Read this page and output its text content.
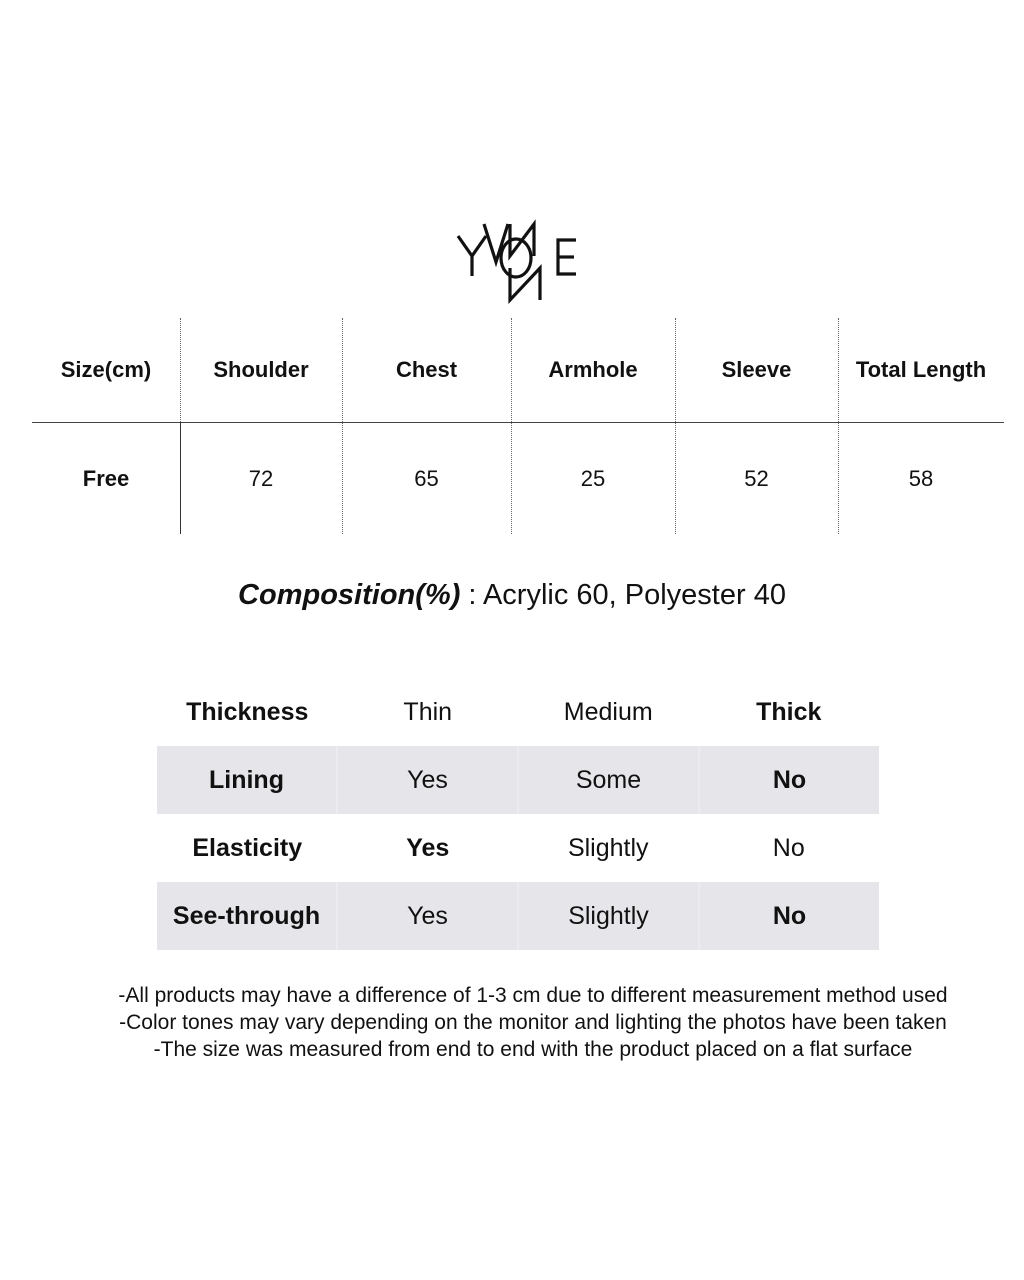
Size(cm)	Shoulder	Chest	Armhole	Sleeve	Total Length
Free	72	65	25	52	58
Composition(%) : Acrylic 60, Polyester 40
Thickness	Thin	Medium	Thick
Lining	Yes	Some	No
Elasticity	Yes	Slightly	No
See-through	Yes	Slightly	No
-All products may have a difference of 1-3 cm due to different measurement method used
-Color tones may vary depending on the monitor and lighting the photos have been taken
-The size was measured from end to end with the product placed on a flat surface
